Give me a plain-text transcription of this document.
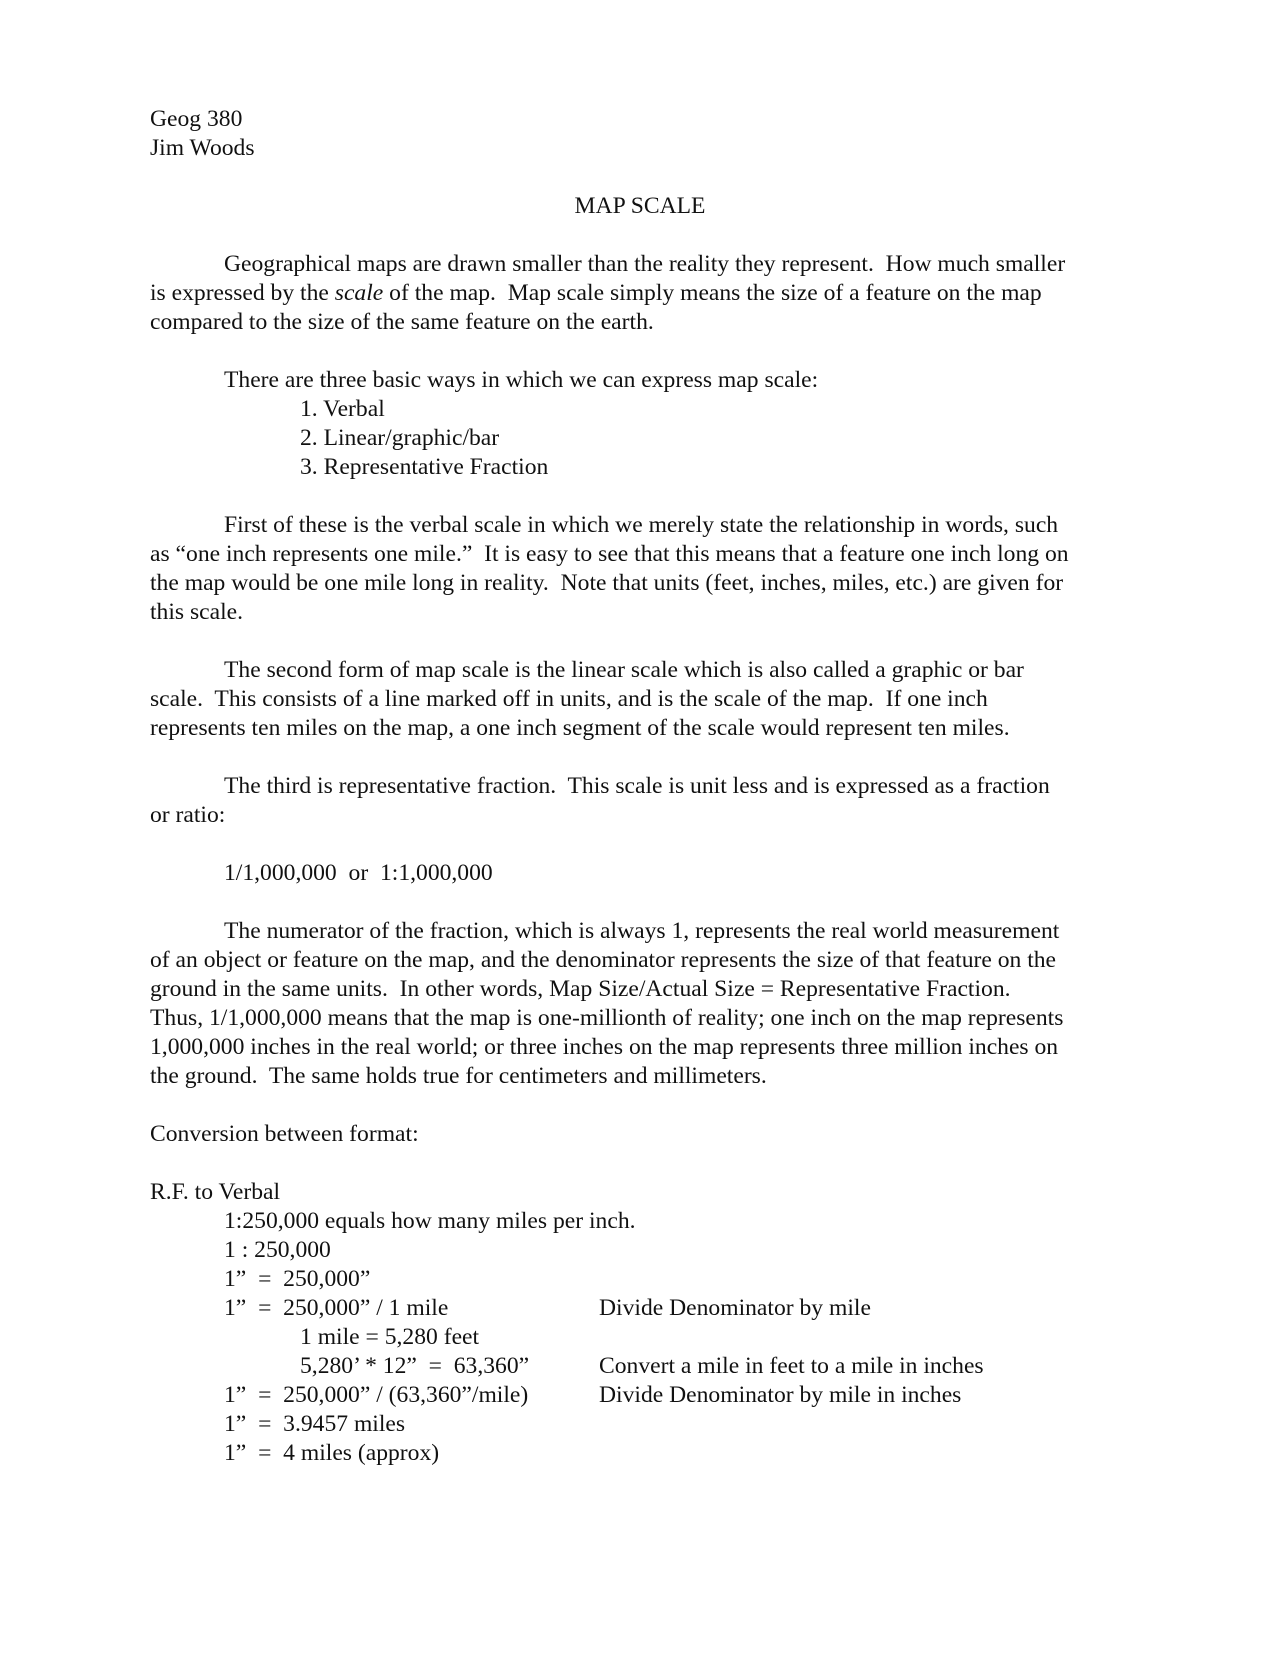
Geog 380
Jim Woods
MAP SCALE
Geographical maps are drawn smaller than the reality they represent.  How much smaller
is expressed by the scale of the map.  Map scale simply means the size of a feature on the map
compared to the size of the same feature on the earth.
There are three basic ways in which we can express map scale:
1. Verbal
2. Linear/graphic/bar
3. Representative Fraction
First of these is the verbal scale in which we merely state the relationship in words, such
as “one inch represents one mile.”  It is easy to see that this means that a feature one inch long on
the map would be one mile long in reality.  Note that units (feet, inches, miles, etc.) are given for
this scale.
The second form of map scale is the linear scale which is also called a graphic or bar
scale.  This consists of a line marked off in units, and is the scale of the map.  If one inch
represents ten miles on the map, a one inch segment of the scale would represent ten miles.
The third is representative fraction.  This scale is unit less and is expressed as a fraction
or ratio:
1/1,000,000  or  1:1,000,000
The numerator of the fraction, which is always 1, represents the real world measurement
of an object or feature on the map, and the denominator represents the size of that feature on the
ground in the same units.  In other words, Map Size/Actual Size = Representative Fraction.
Thus, 1/1,000,000 means that the map is one-millionth of reality; one inch on the map represents
1,000,000 inches in the real world; or three inches on the map represents three million inches on
the ground.  The same holds true for centimeters and millimeters.
Conversion between format:
R.F. to Verbal
1:250,000 equals how many miles per inch.
1 : 250,000
1”  =  250,000”
1”  =  250,000” / 1 mile	Divide Denominator by mile
1 mile = 5,280 feet
5,280’ * 12”  =  63,360”	Convert a mile in feet to a mile in inches
1”  =  250,000” / (63,360”/mile)	Divide Denominator by mile in inches
1”  =  3.9457 miles
1”  =  4 miles (approx)
